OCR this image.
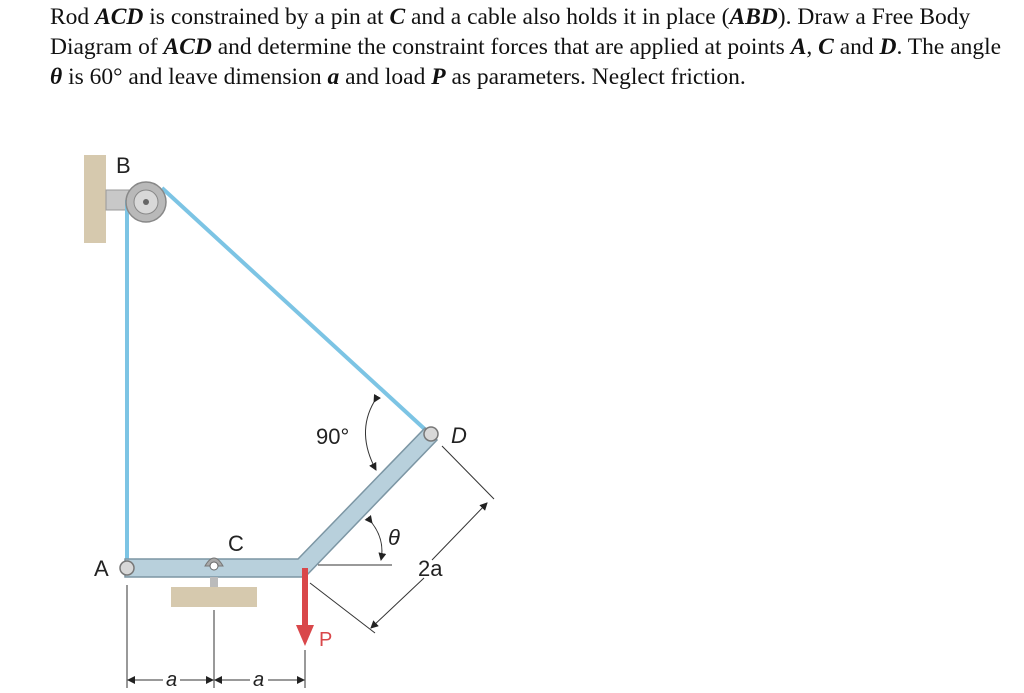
Rod ACD is constrained by a pin at C and a cable also holds it in place (ABD). Draw a Free Body Diagram of ACD and determine the constraint forces that are applied at points A, C and D. The angle θ is 60° and leave dimension a and load P as parameters. Neglect friction.

P
a	a
2a
θ
90°
B
A
C
D
